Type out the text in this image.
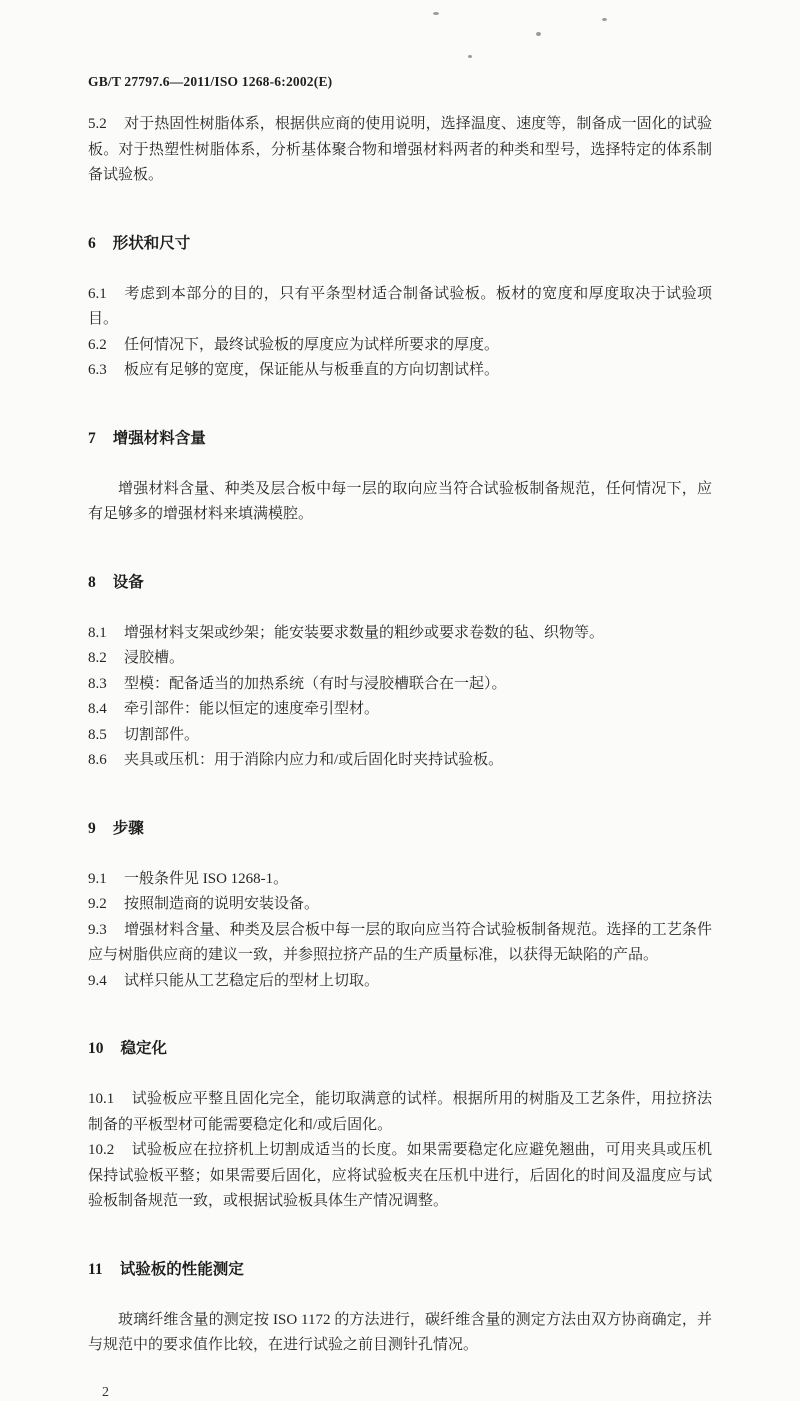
GB/T 27797.6—2011/ISO 1268-6:2002(E)

5.2 对于热固性树脂体系，根据供应商的使用说明，选择温度、速度等，制备成一固化的试验板。对于热塑性树脂体系，分析基体聚合物和增强材料两者的种类和型号，选择特定的体系制备试验板。

6 形状和尺寸

6.1 考虑到本部分的目的，只有平条型材适合制备试验板。板材的宽度和厚度取决于试验项目。

6.2 任何情况下，最终试验板的厚度应为试样所要求的厚度。

6.3 板应有足够的宽度，保证能从与板垂直的方向切割试样。

7 增强材料含量

增强材料含量、种类及层合板中每一层的取向应当符合试验板制备规范，任何情况下，应有足够多的增强材料来填满模腔。

8 设备

8.1 增强材料支架或纱架；能安装要求数量的粗纱或要求卷数的毡、织物等。

8.2 浸胶槽。

8.3 型模：配备适当的加热系统（有时与浸胶槽联合在一起）。

8.4 牵引部件：能以恒定的速度牵引型材。

8.5 切割部件。

8.6 夹具或压机：用于消除内应力和/或后固化时夹持试验板。

9 步骤

9.1 一般条件见 ISO 1268-1。

9.2 按照制造商的说明安装设备。

9.3 增强材料含量、种类及层合板中每一层的取向应当符合试验板制备规范。选择的工艺条件应与树脂供应商的建议一致，并参照拉挤产品的生产质量标准，以获得无缺陷的产品。

9.4 试样只能从工艺稳定后的型材上切取。

10 稳定化

10.1 试验板应平整且固化完全，能切取满意的试样。根据所用的树脂及工艺条件，用拉挤法制备的平板型材可能需要稳定化和/或后固化。

10.2 试验板应在拉挤机上切割成适当的长度。如果需要稳定化应避免翘曲，可用夹具或压机保持试验板平整；如果需要后固化，应将试验板夹在压机中进行，后固化的时间及温度应与试验板制备规范一致，或根据试验板具体生产情况调整。

11 试验板的性能测定

玻璃纤维含量的测定按 ISO 1172 的方法进行，碳纤维含量的测定方法由双方协商确定，并与规范中的要求值作比较，在进行试验之前目测针孔情况。

2
